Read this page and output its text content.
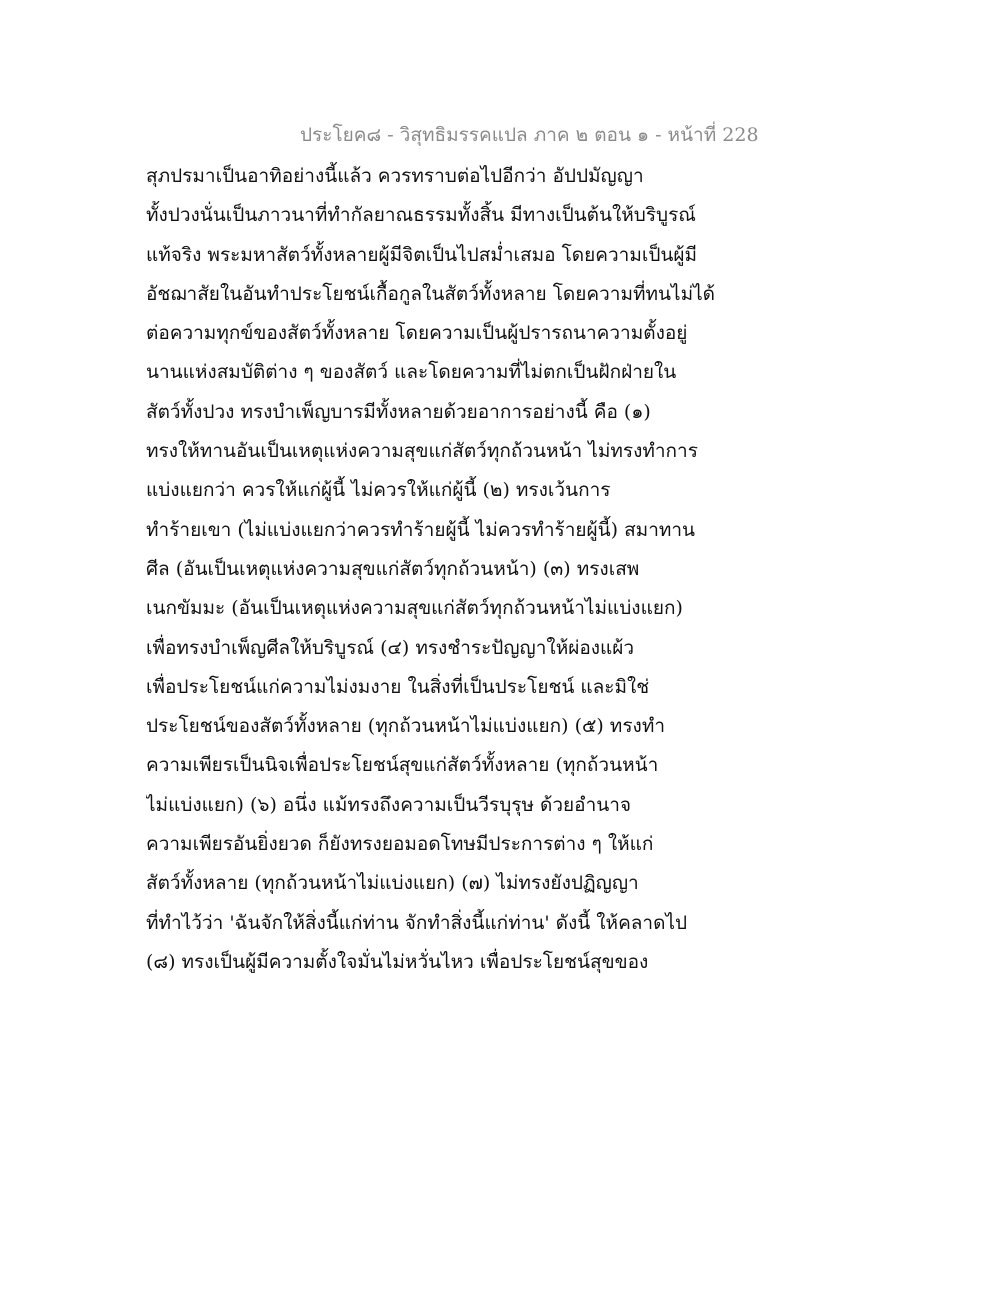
ประโยค๘ - วิสุทธิมรรคแปล ภาค ๒ ตอน ๑ - หน้าที่ 228
สุภปรมาเป็นอาทิอย่างนี้แล้ว ควรทราบต่อไปอีกว่า อัปปมัญญา
ทั้งปวงนั่นเป็นภาวนาที่ทำกัลยาณธรรมทั้งสิ้น มีทางเป็นต้นให้บริบูรณ์
แท้จริง พระมหาสัตว์ทั้งหลายผู้มีจิตเป็นไปสม่ำเสมอ โดยความเป็นผู้มี
อัชฌาสัยในอันทำประโยชน์เกื้อกูลในสัตว์ทั้งหลาย โดยความที่ทนไม่ได้
ต่อความทุกข์ของสัตว์ทั้งหลาย โดยความเป็นผู้ปรารถนาความตั้งอยู่
นานแห่งสมบัติต่าง ๆ ของสัตว์ และโดยความที่ไม่ตกเป็นฝักฝ่ายใน
สัตว์ทั้งปวง ทรงบำเพ็ญบารมีทั้งหลายด้วยอาการอย่างนี้ คือ (๑)
ทรงให้ทานอันเป็นเหตุแห่งความสุขแก่สัตว์ทุกถ้วนหน้า ไม่ทรงทำการ
แบ่งแยกว่า ควรให้แก่ผู้นี้ ไม่ควรให้แก่ผู้นี้ (๒) ทรงเว้นการ
ทำร้ายเขา (ไม่แบ่งแยกว่าควรทำร้ายผู้นี้ ไม่ควรทำร้ายผู้นี้) สมาทาน
ศีล (อันเป็นเหตุแห่งความสุขแก่สัตว์ทุกถ้วนหน้า) (๓) ทรงเสพ
เนกขัมมะ (อันเป็นเหตุแห่งความสุขแก่สัตว์ทุกถ้วนหน้าไม่แบ่งแยก)
เพื่อทรงบำเพ็ญศีลให้บริบูรณ์ (๔) ทรงชำระปัญญาให้ผ่องแผ้ว
เพื่อประโยชน์แก่ความไม่งมงาย ในสิ่งที่เป็นประโยชน์ และมิใช่
ประโยชน์ของสัตว์ทั้งหลาย (ทุกถ้วนหน้าไม่แบ่งแยก) (๕) ทรงทำ
ความเพียรเป็นนิจเพื่อประโยชน์สุขแก่สัตว์ทั้งหลาย (ทุกถ้วนหน้า
ไม่แบ่งแยก) (๖) อนึ่ง แม้ทรงถึงความเป็นวีรบุรุษ ด้วยอำนาจ
ความเพียรอันยิ่งยวด ก็ยังทรงยอมอดโทษมีประการต่าง ๆ ให้แก่
สัตว์ทั้งหลาย (ทุกถ้วนหน้าไม่แบ่งแยก) (๗) ไม่ทรงยังปฏิญญา
ที่ทำไว้ว่า 'ฉันจักให้สิ่งนี้แก่ท่าน จักทำสิ่งนี้แก่ท่าน' ดังนี้ ให้คลาดไป
(๘) ทรงเป็นผู้มีความตั้งใจมั่นไม่หวั่นไหว เพื่อประโยชน์สุขของ
